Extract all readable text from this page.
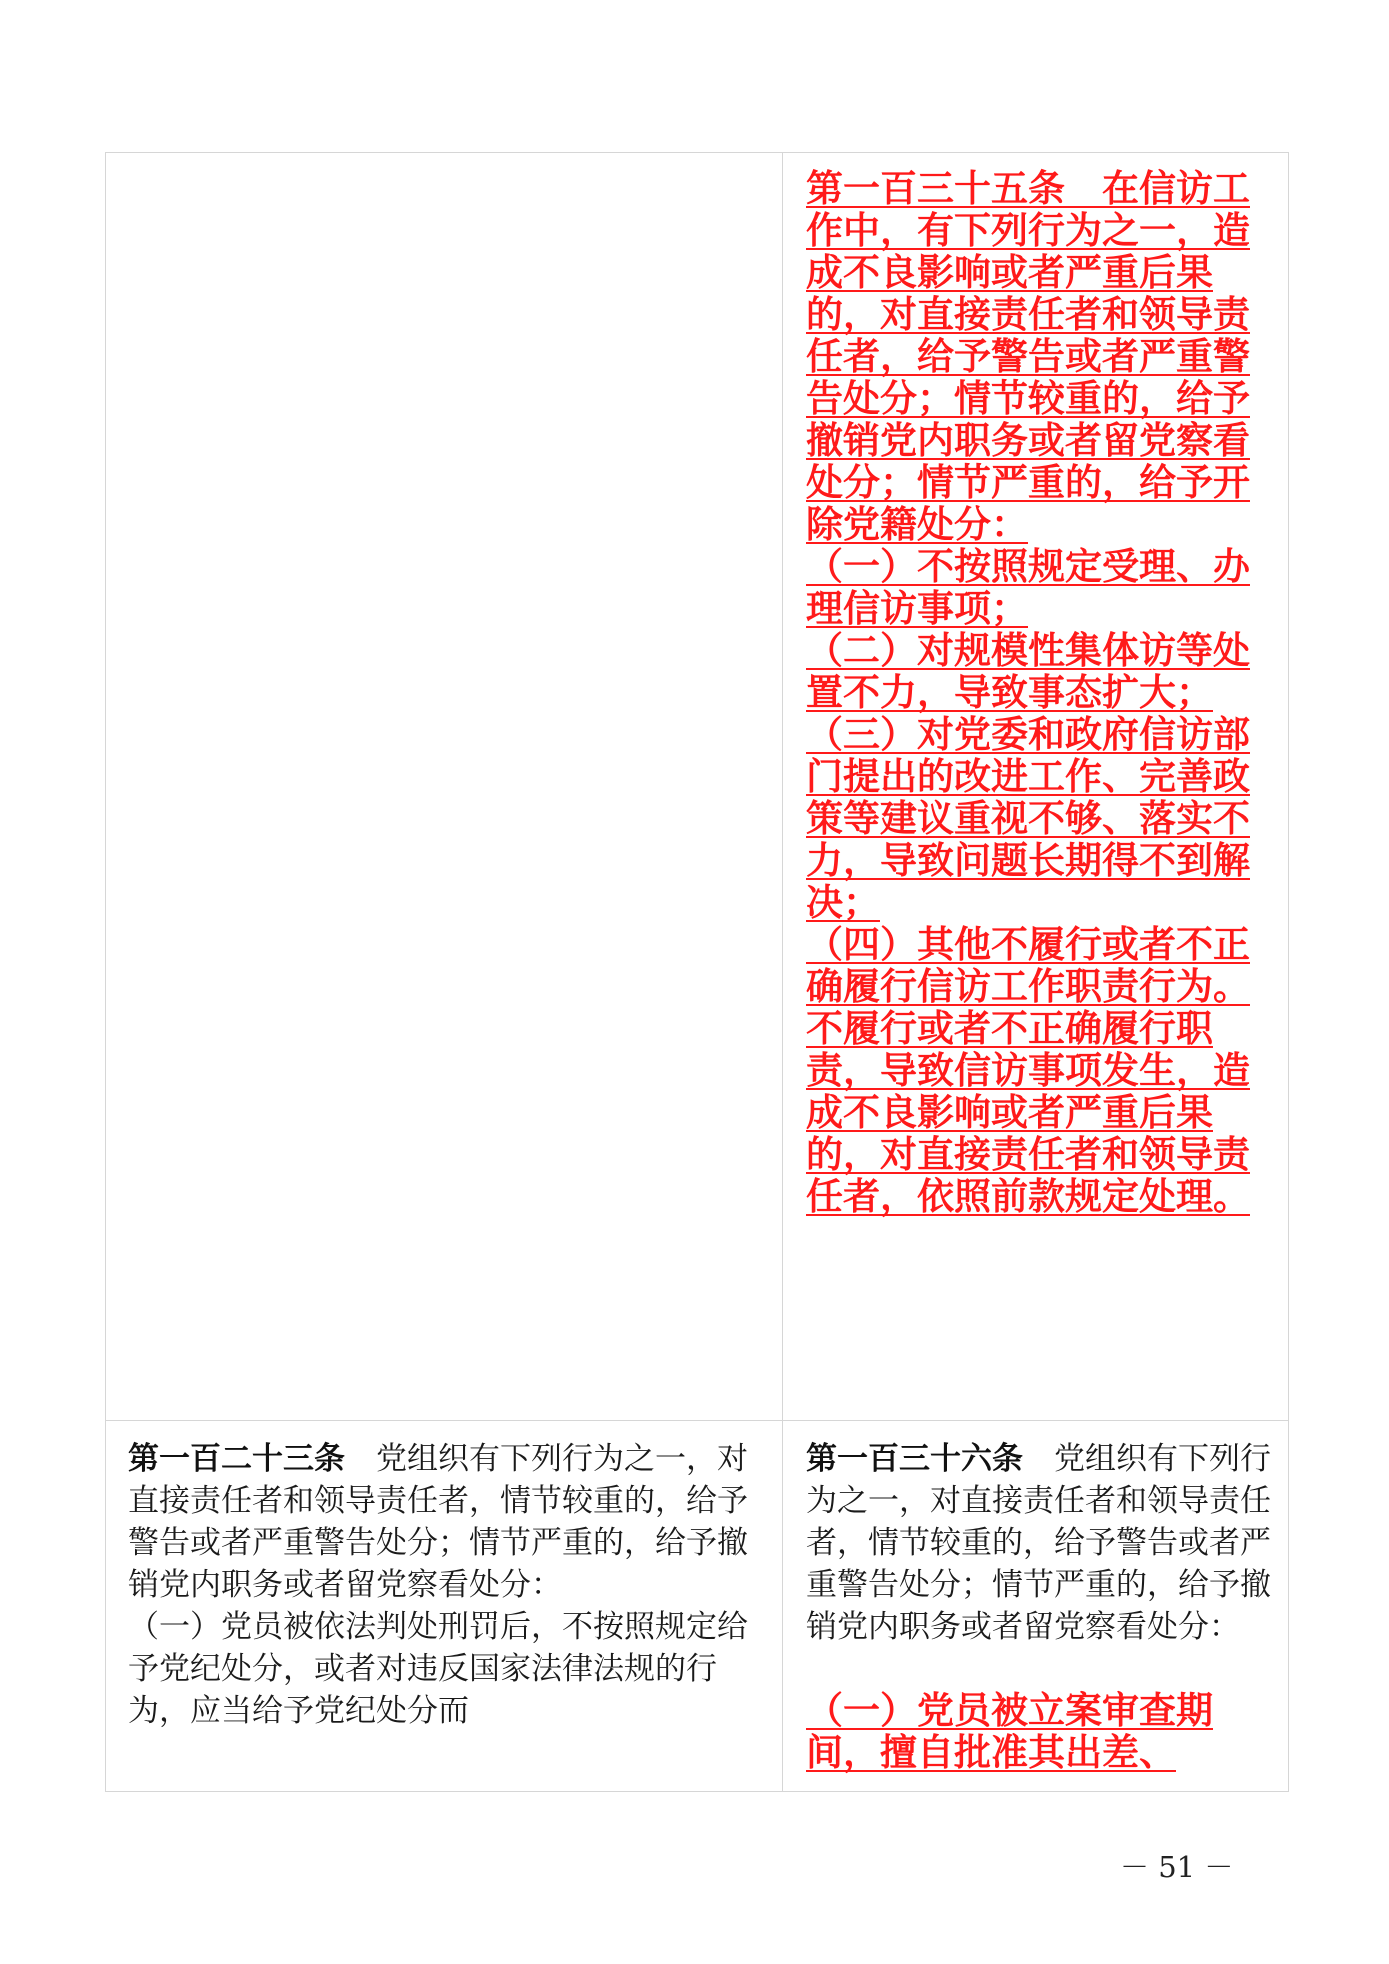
第一百三十五条　在信访工作中，有下列行为之一，造成不良影响或者严重后果的，对直接责任者和领导责任者，给予警告或者严重警告处分；情节较重的，给予撤销党内职务或者留党察看处分；情节严重的，给予开除党籍处分：
（一）不按照规定受理、办理信访事项；
（二）对规模性集体访等处置不力，导致事态扩大；
（三）对党委和政府信访部门提出的改进工作、完善政策等建议重视不够、落实不力，导致问题长期得不到解决；
（四）其他不履行或者不正确履行信访工作职责行为。
不履行或者不正确履行职责，导致信访事项发生，造成不良影响或者严重后果的，对直接责任者和领导责任者，依照前款规定处理。

第一百二十三条　党组织有下列行为之一，对直接责任者和领导责任者，情节较重的，给予警告或者严重警告处分；情节严重的，给予撤销党内职务或者留党察看处分：
（一）党员被依法判处刑罚后，不按照规定给予党纪处分，或者对违反国家法律法规的行为，应当给予党纪处分而

第一百三十六条　党组织有下列行为之一，对直接责任者和领导责任者，情节较重的，给予警告或者严重警告处分；情节严重的，给予撤销党内职务或者留党察看处分：

（一）党员被立案审查期间，擅自批准其出差、

－ 51 －
